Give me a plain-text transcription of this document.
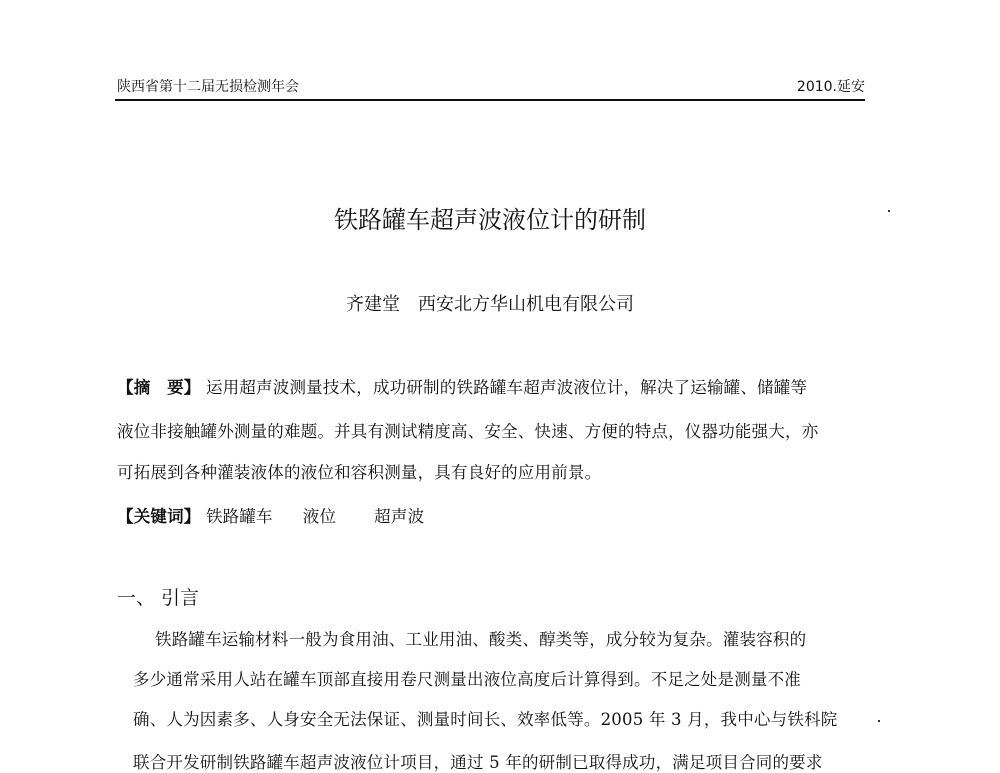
陕西省第十二届无损检测年会	2010.延安
铁路罐车超声波液位计的研制
齐建堂　西安北方华山机电有限公司
【摘　要】 运用超声波测量技术，成功研制的铁路罐车超声波液位计，解决了运输罐、储罐等
液位非接触罐外测量的难题。并具有测试精度高、安全、快速、方便的特点，仪器功能强大，亦
可拓展到各种灌装液体的液位和容积测量，具有良好的应用前景。
【关键词】 铁路罐车 液位 超声波
一、 引言
铁路罐车运输材料一般为食用油、工业用油、酸类、醇类等，成分较为复杂。灌装容积的
多少通常采用人站在罐车顶部直接用卷尺测量出液位高度后计算得到。不足之处是测量不准
确、人为因素多、人身安全无法保证、测量时间长、效率低等。2005 年 3 月，我中心与铁科院
联合开发研制铁路罐车超声波液位计项目，通过 5 年的研制已取得成功，满足项目合同的要求
